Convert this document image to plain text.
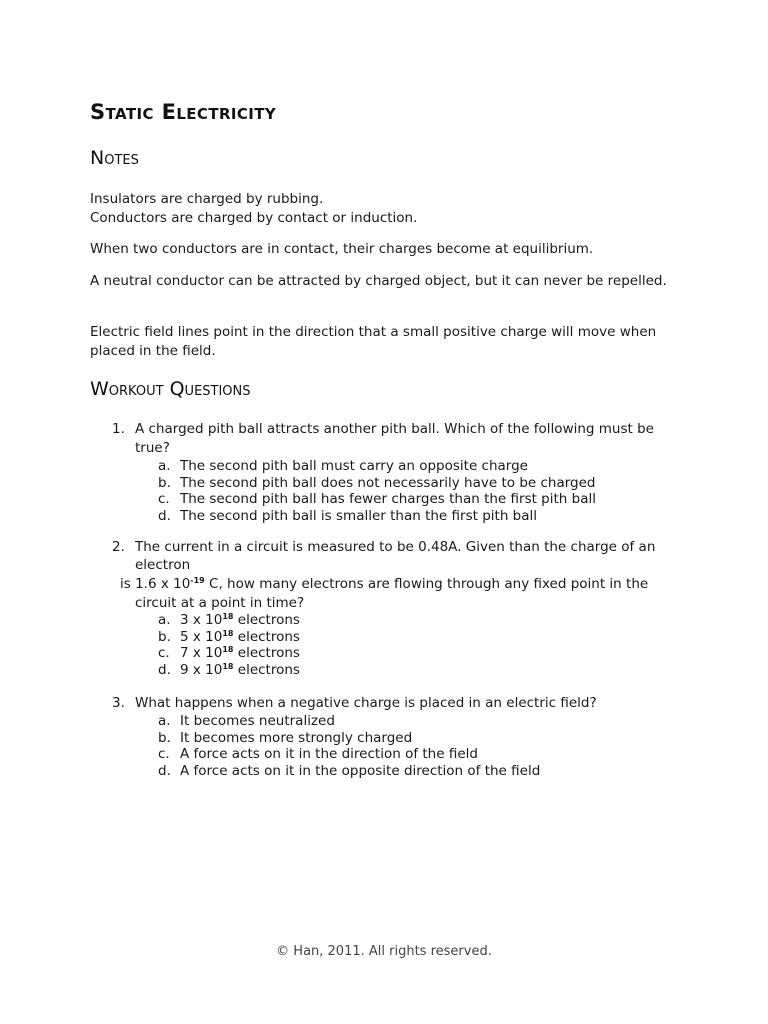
Static Electricity
Notes

Insulators are charged by rubbing.
Conductors are charged by contact or induction.

When two conductors are in contact, their charges become at equilibrium.

A neutral conductor can be attracted by charged object, but it can never be repelled.

Electric field lines point in the direction that a small positive charge will move when placed in the field.

Workout Questions
1. A charged pith ball attracts another pith ball. Which of the following must be true?

a. The second pith ball must carry an opposite charge
b. The second pith ball does not necessarily have to be charged
c. The second pith ball has fewer charges than the first pith ball
d. The second pith ball is smaller than the first pith ball
2. The current in a circuit is measured to be 0.48A. Given than the charge of an
electron
is 1.6 x $10^{-19}$ C, how many electrons are flowing through any fixed point in the
circuit at a point in time?

a. 3 x $10^{18}$ electrons
b. 5 x $10^{18}$ electrons
c. 7 x $10^{18}$ electrons
d. 9 x $10^{18}$ electrons
3. What happens when a negative charge is placed in an electric field?

a. It becomes neutralized
b. It becomes more strongly charged
c. A force acts on it in the direction of the field
d. A force acts on it in the opposite direction of the field
© Han, 2011. All rights reserved.
